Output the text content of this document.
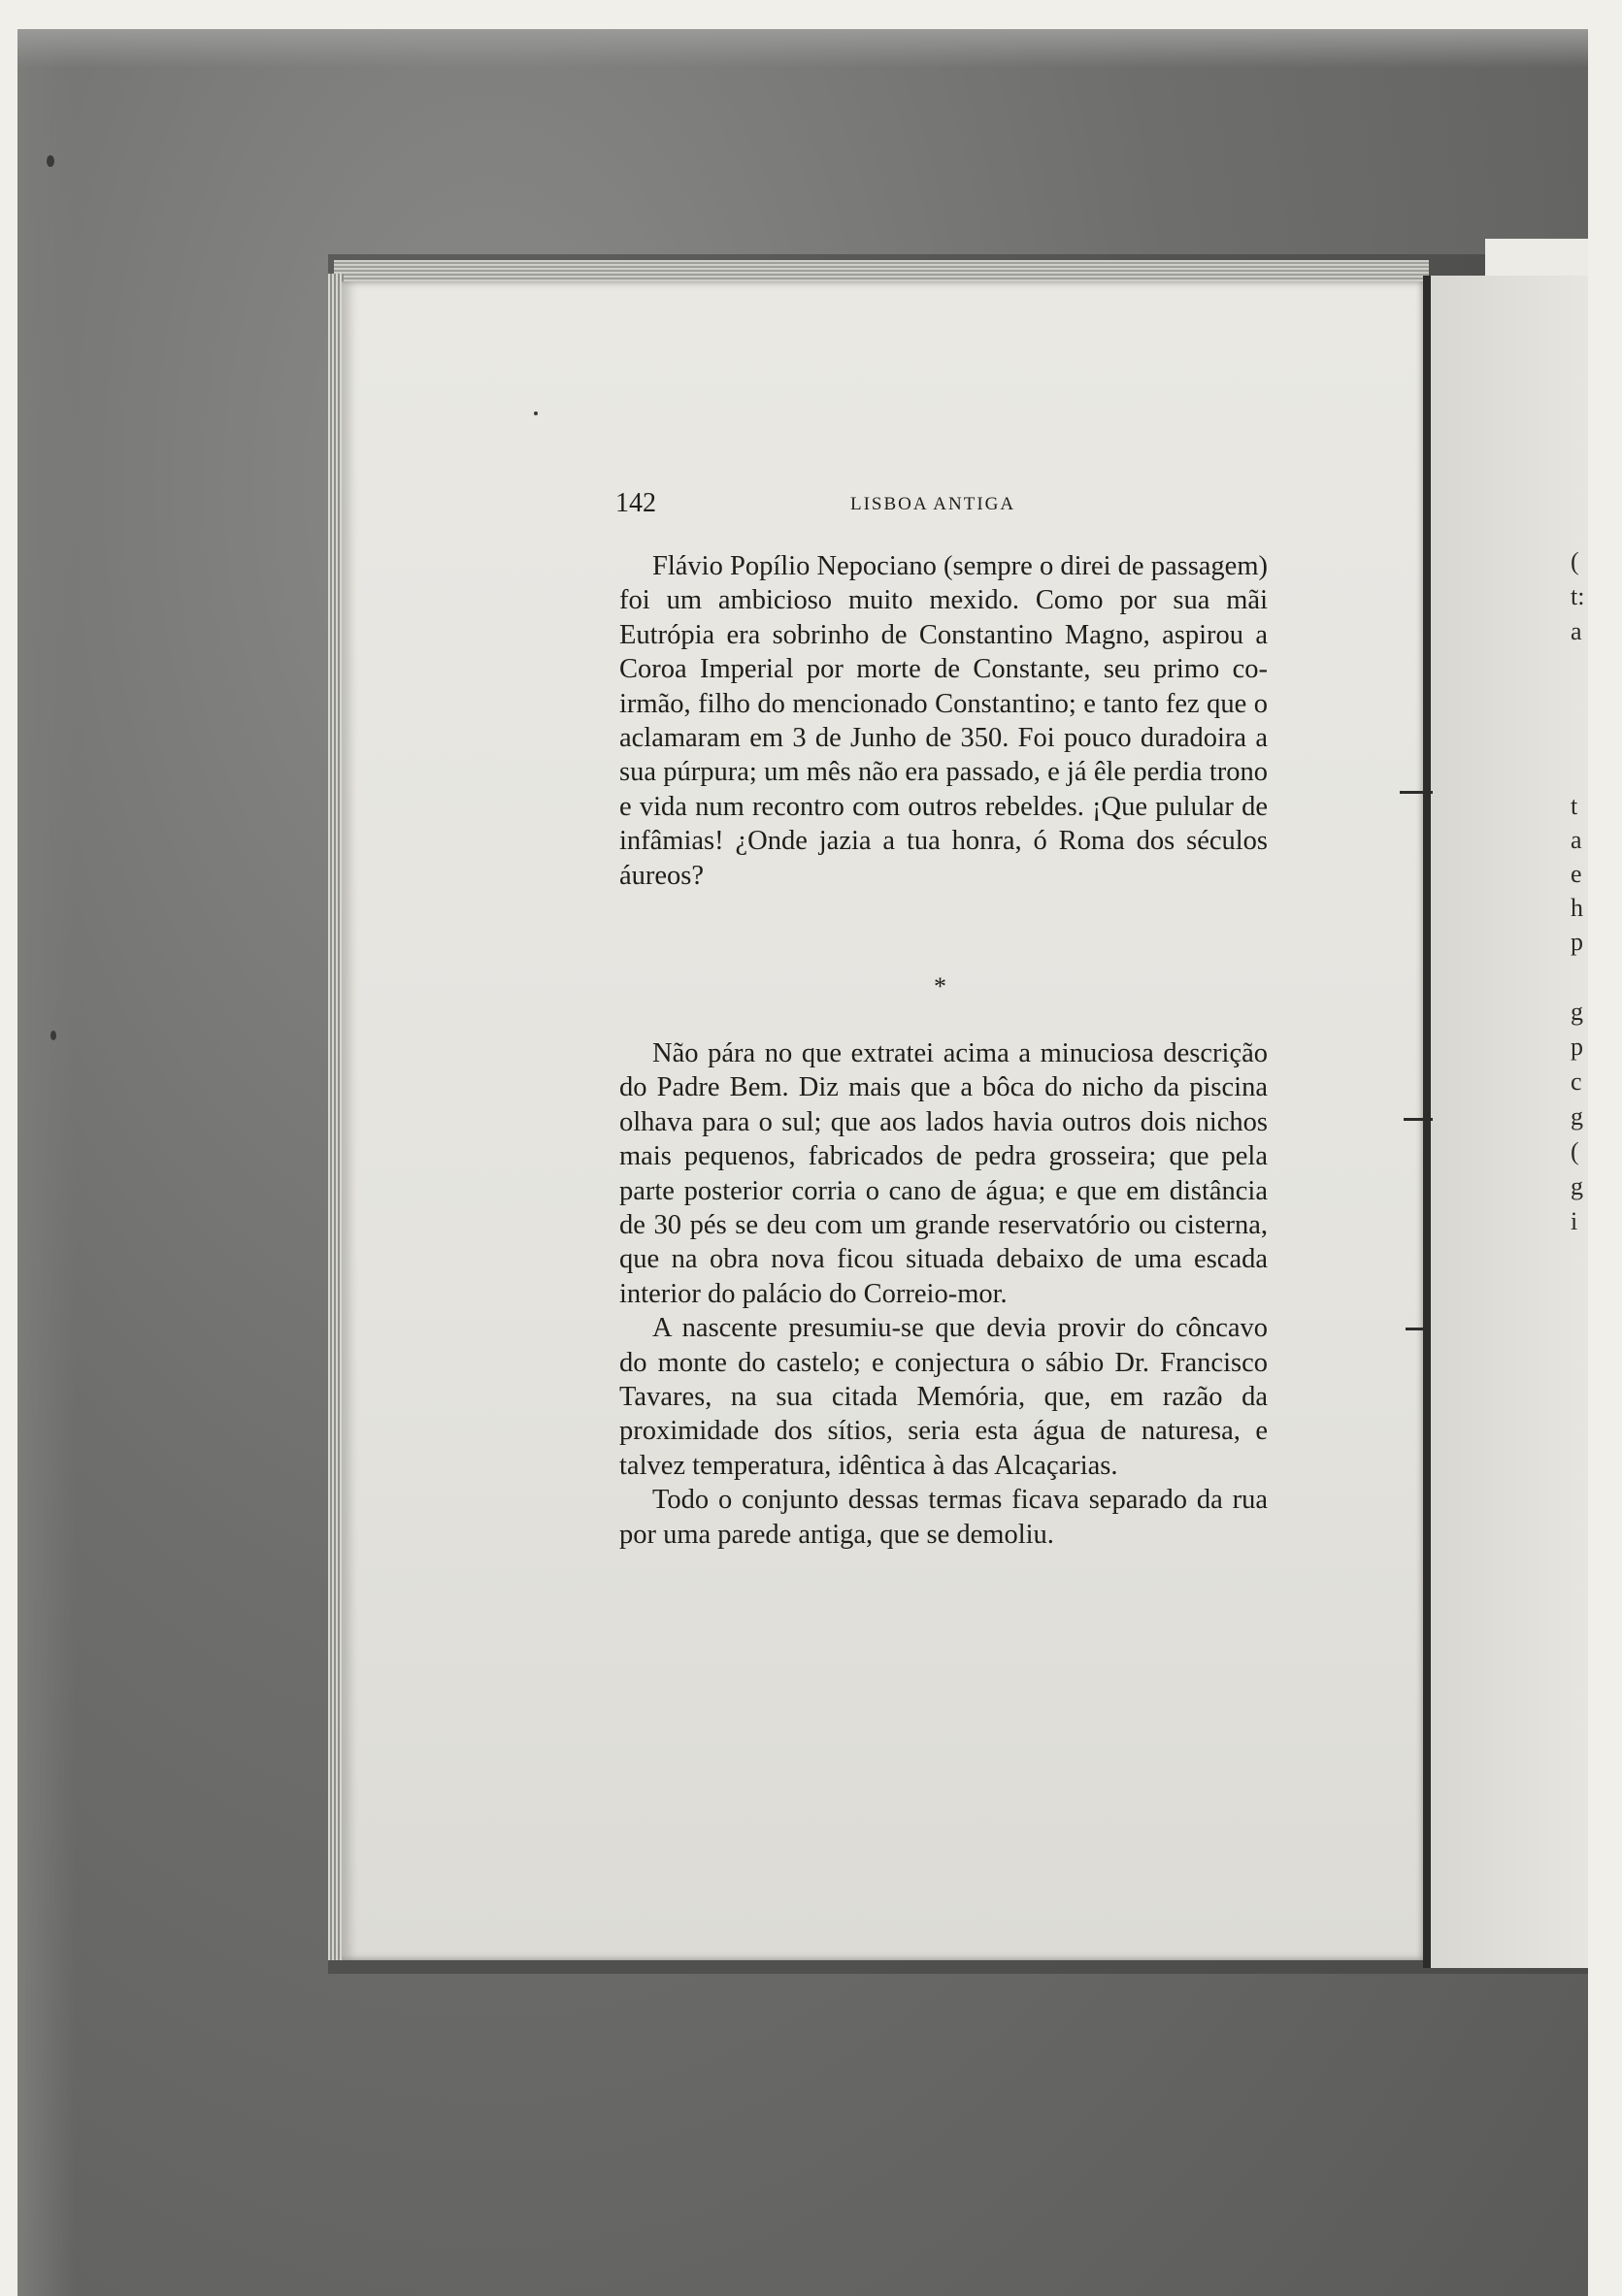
(
t:
a
t
a
e
h
p
g
p
c
g
(
g
i
142	LISBOA ANTIGA

Flávio Popílio Nepociano (sempre o direi de passagem) foi um ambicioso muito mexido. Como por sua mãi Eutrópia era sobrinho de Constantino Magno, aspirou a Coroa Imperial por morte de Constante, seu primo co-irmão, filho do mencionado Constantino; e tanto fez que o aclamaram em 3 de Junho de 350. Foi pouco duradoira a sua púrpura; um mês não era passado, e já êle perdia trono e vida num recontro com outros rebeldes. ¡Que pulular de infâmias! ¿Onde jazia a tua honra, ó Roma dos séculos áureos?

*

Não pára no que extratei acima a minuciosa descrição do Padre Bem. Diz mais que a bôca do nicho da piscina olhava para o sul; que aos lados havia outros dois nichos mais pequenos, fabricados de pedra grosseira; que pela parte posterior corria o cano de água; e que em distância de 30 pés se deu com um grande reservatório ou cisterna, que na obra nova ficou situada debaixo de uma escada interior do palácio do Correio-mor.

A nascente presumiu-se que devia provir do côncavo do monte do castelo; e conjectura o sábio Dr. Francisco Tavares, na sua citada Memória, que, em razão da proximidade dos sítios, seria esta água de naturesa, e talvez temperatura, idêntica à das Alcaçarias.

Todo o conjunto dessas termas ficava separado da rua por uma parede antiga, que se demoliu.
